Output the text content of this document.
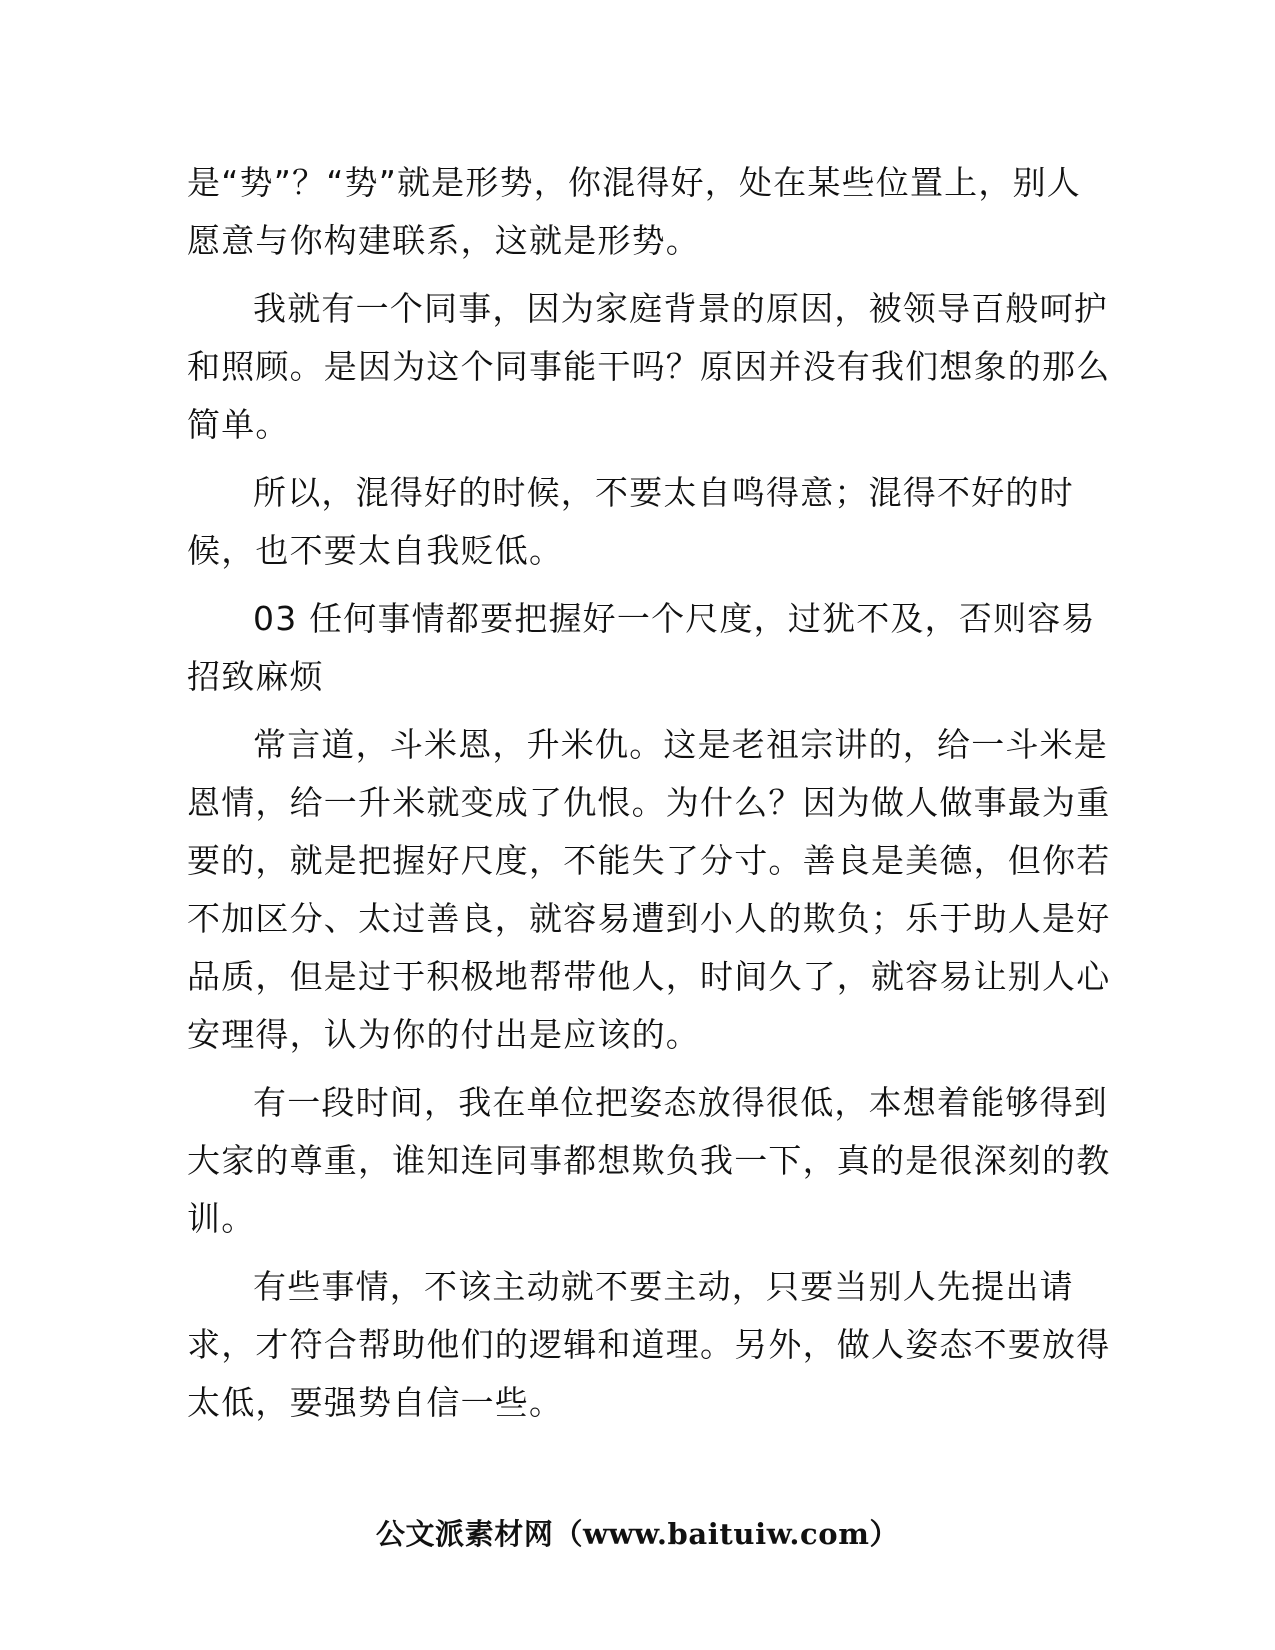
是“势”？“势”就是形势，你混得好，处在某些位置上，别人
愿意与你构建联系，这就是形势。

我就有一个同事，因为家庭背景的原因，被领导百般呵护
和照顾。是因为这个同事能干吗？原因并没有我们想象的那么
简单。

所以，混得好的时候，不要太自鸣得意；混得不好的时
候，也不要太自我贬低。

03 任何事情都要把握好一个尺度，过犹不及，否则容易
招致麻烦

常言道，斗米恩，升米仇。这是老祖宗讲的，给一斗米是
恩情，给一升米就变成了仇恨。为什么？因为做人做事最为重
要的，就是把握好尺度，不能失了分寸。善良是美德，但你若
不加区分、太过善良，就容易遭到小人的欺负；乐于助人是好
品质，但是过于积极地帮带他人，时间久了，就容易让别人心
安理得，认为你的付出是应该的。

有一段时间，我在单位把姿态放得很低，本想着能够得到
大家的尊重，谁知连同事都想欺负我一下，真的是很深刻的教
训。

有些事情，不该主动就不要主动，只要当别人先提出请
求，才符合帮助他们的逻辑和道理。另外，做人姿态不要放得
太低，要强势自信一些。

公文派素材网（www.baituiw.com）
